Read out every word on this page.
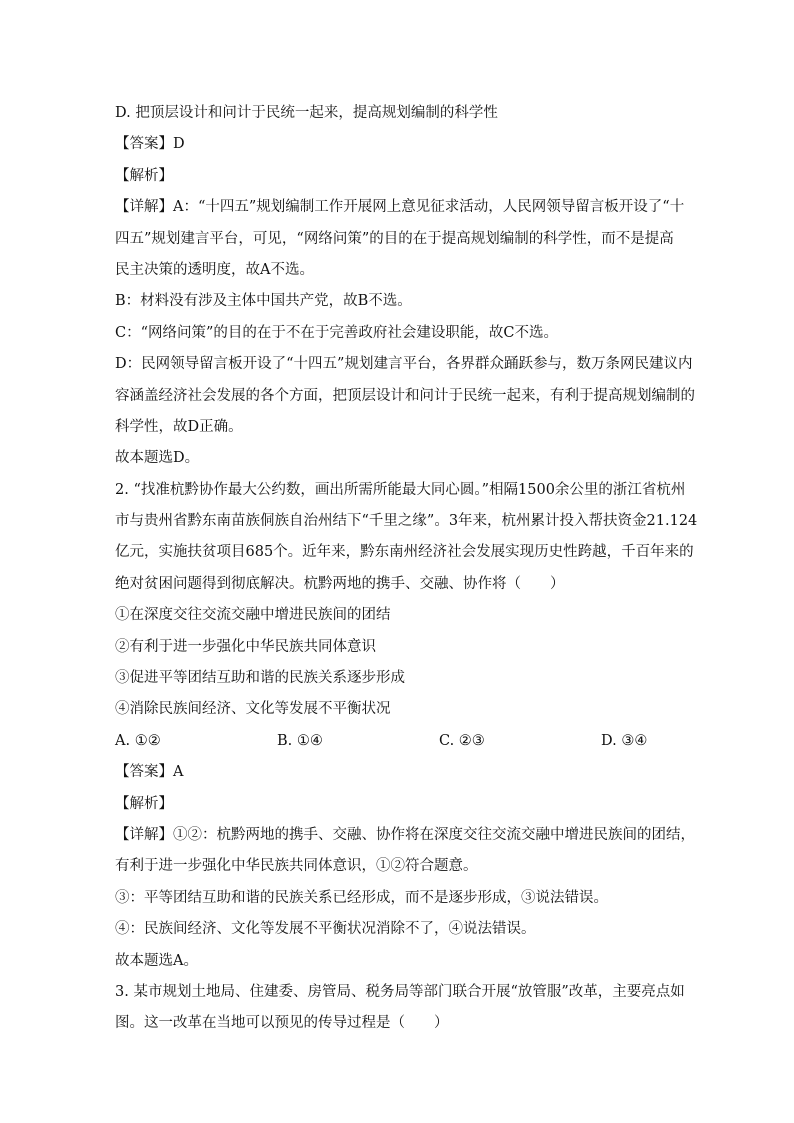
D. 把顶层设计和问计于民统一起来，提高规划编制的科学性
【答案】D
【解析】
【详解】A：“十四五”规划编制工作开展网上意见征求活动，人民网领导留言板开设了“十
四五”规划建言平台，可见，“网络问策”的目的在于提高规划编制的科学性，而不是提高
民主决策的透明度，故A不选。
B：材料没有涉及主体中国共产党，故B不选。
C：“网络问策”的目的在于不在于完善政府社会建设职能，故C不选。
D：民网领导留言板开设了“十四五”规划建言平台，各界群众踊跃参与，数万条网民建议内
容涵盖经济社会发展的各个方面，把顶层设计和问计于民统一起来，有利于提高规划编制的
科学性，故D正确。
故本题选D。
2. “找准杭黔协作最大公约数，画出所需所能最大同心圆。”相隔1500余公里的浙江省杭州
市与贵州省黔东南苗族侗族自治州结下“千里之缘”。3年来，杭州累计投入帮扶资金21.124
亿元，实施扶贫项目685个。近年来，黔东南州经济社会发展实现历史性跨越，千百年来的
绝对贫困问题得到彻底解决。杭黔两地的携手、交融、协作将（　　）
①在深度交往交流交融中增进民族间的团结
②有利于进一步强化中华民族共同体意识
③促进平等团结互助和谐的民族关系逐步形成
④消除民族间经济、文化等发展不平衡状况
A. ①②	B. ①④	C. ②③	D. ③④
【答案】A
【解析】
【详解】①②：杭黔两地的携手、交融、协作将在深度交往交流交融中增进民族间的团结，
有利于进一步强化中华民族共同体意识，①②符合题意。
③：平等团结互助和谐的民族关系已经形成，而不是逐步形成，③说法错误。
④：民族间经济、文化等发展不平衡状况消除不了，④说法错误。
故本题选A。
3. 某市规划土地局、住建委、房管局、税务局等部门联合开展“放管服”改革，主要亮点如
图。这一改革在当地可以预见的传导过程是（　　）
